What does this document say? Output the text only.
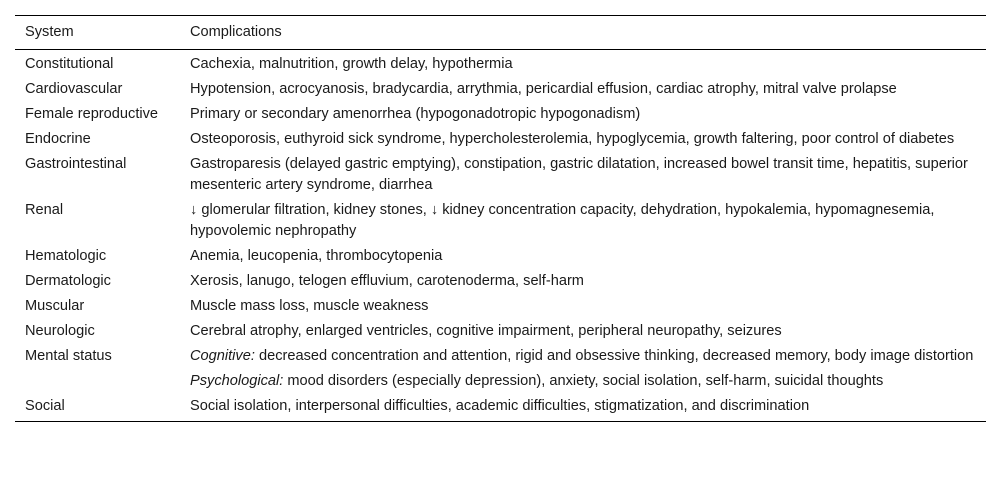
System	Complications
Constitutional	Cachexia, malnutrition, growth delay, hypothermia
Cardiovascular	Hypotension, acrocyanosis, bradycardia, arrythmia, pericardial effusion, cardiac atrophy, mitral valve prolapse
Female reproductive	Primary or secondary amenorrhea (hypogonadotropic hypogonadism)
Endocrine	Osteoporosis, euthyroid sick syndrome, hypercholesterolemia, hypoglycemia, growth faltering, poor control of diabetes
Gastrointestinal	Gastroparesis (delayed gastric emptying), constipation, gastric dilatation, increased bowel transit time, hepatitis, superior mesenteric artery syndrome, diarrhea
Renal	↓ glomerular filtration, kidney stones, ↓ kidney concentration capacity, dehydration, hypokalemia, hypomagnesemia, hypovolemic nephropathy
Hematologic	Anemia, leucopenia, thrombocytopenia
Dermatologic	Xerosis, lanugo, telogen effluvium, carotenoderma, self-harm
Muscular	Muscle mass loss, muscle weakness
Neurologic	Cerebral atrophy, enlarged ventricles, cognitive impairment, peripheral neuropathy, seizures
Mental status	Cognitive: decreased concentration and attention, rigid and obsessive thinking, decreased memory, body image distortion
	Psychological: mood disorders (especially depression), anxiety, social isolation, self-harm, suicidal thoughts
Social	Social isolation, interpersonal difficulties, academic difficulties, stigmatization, and discrimination
